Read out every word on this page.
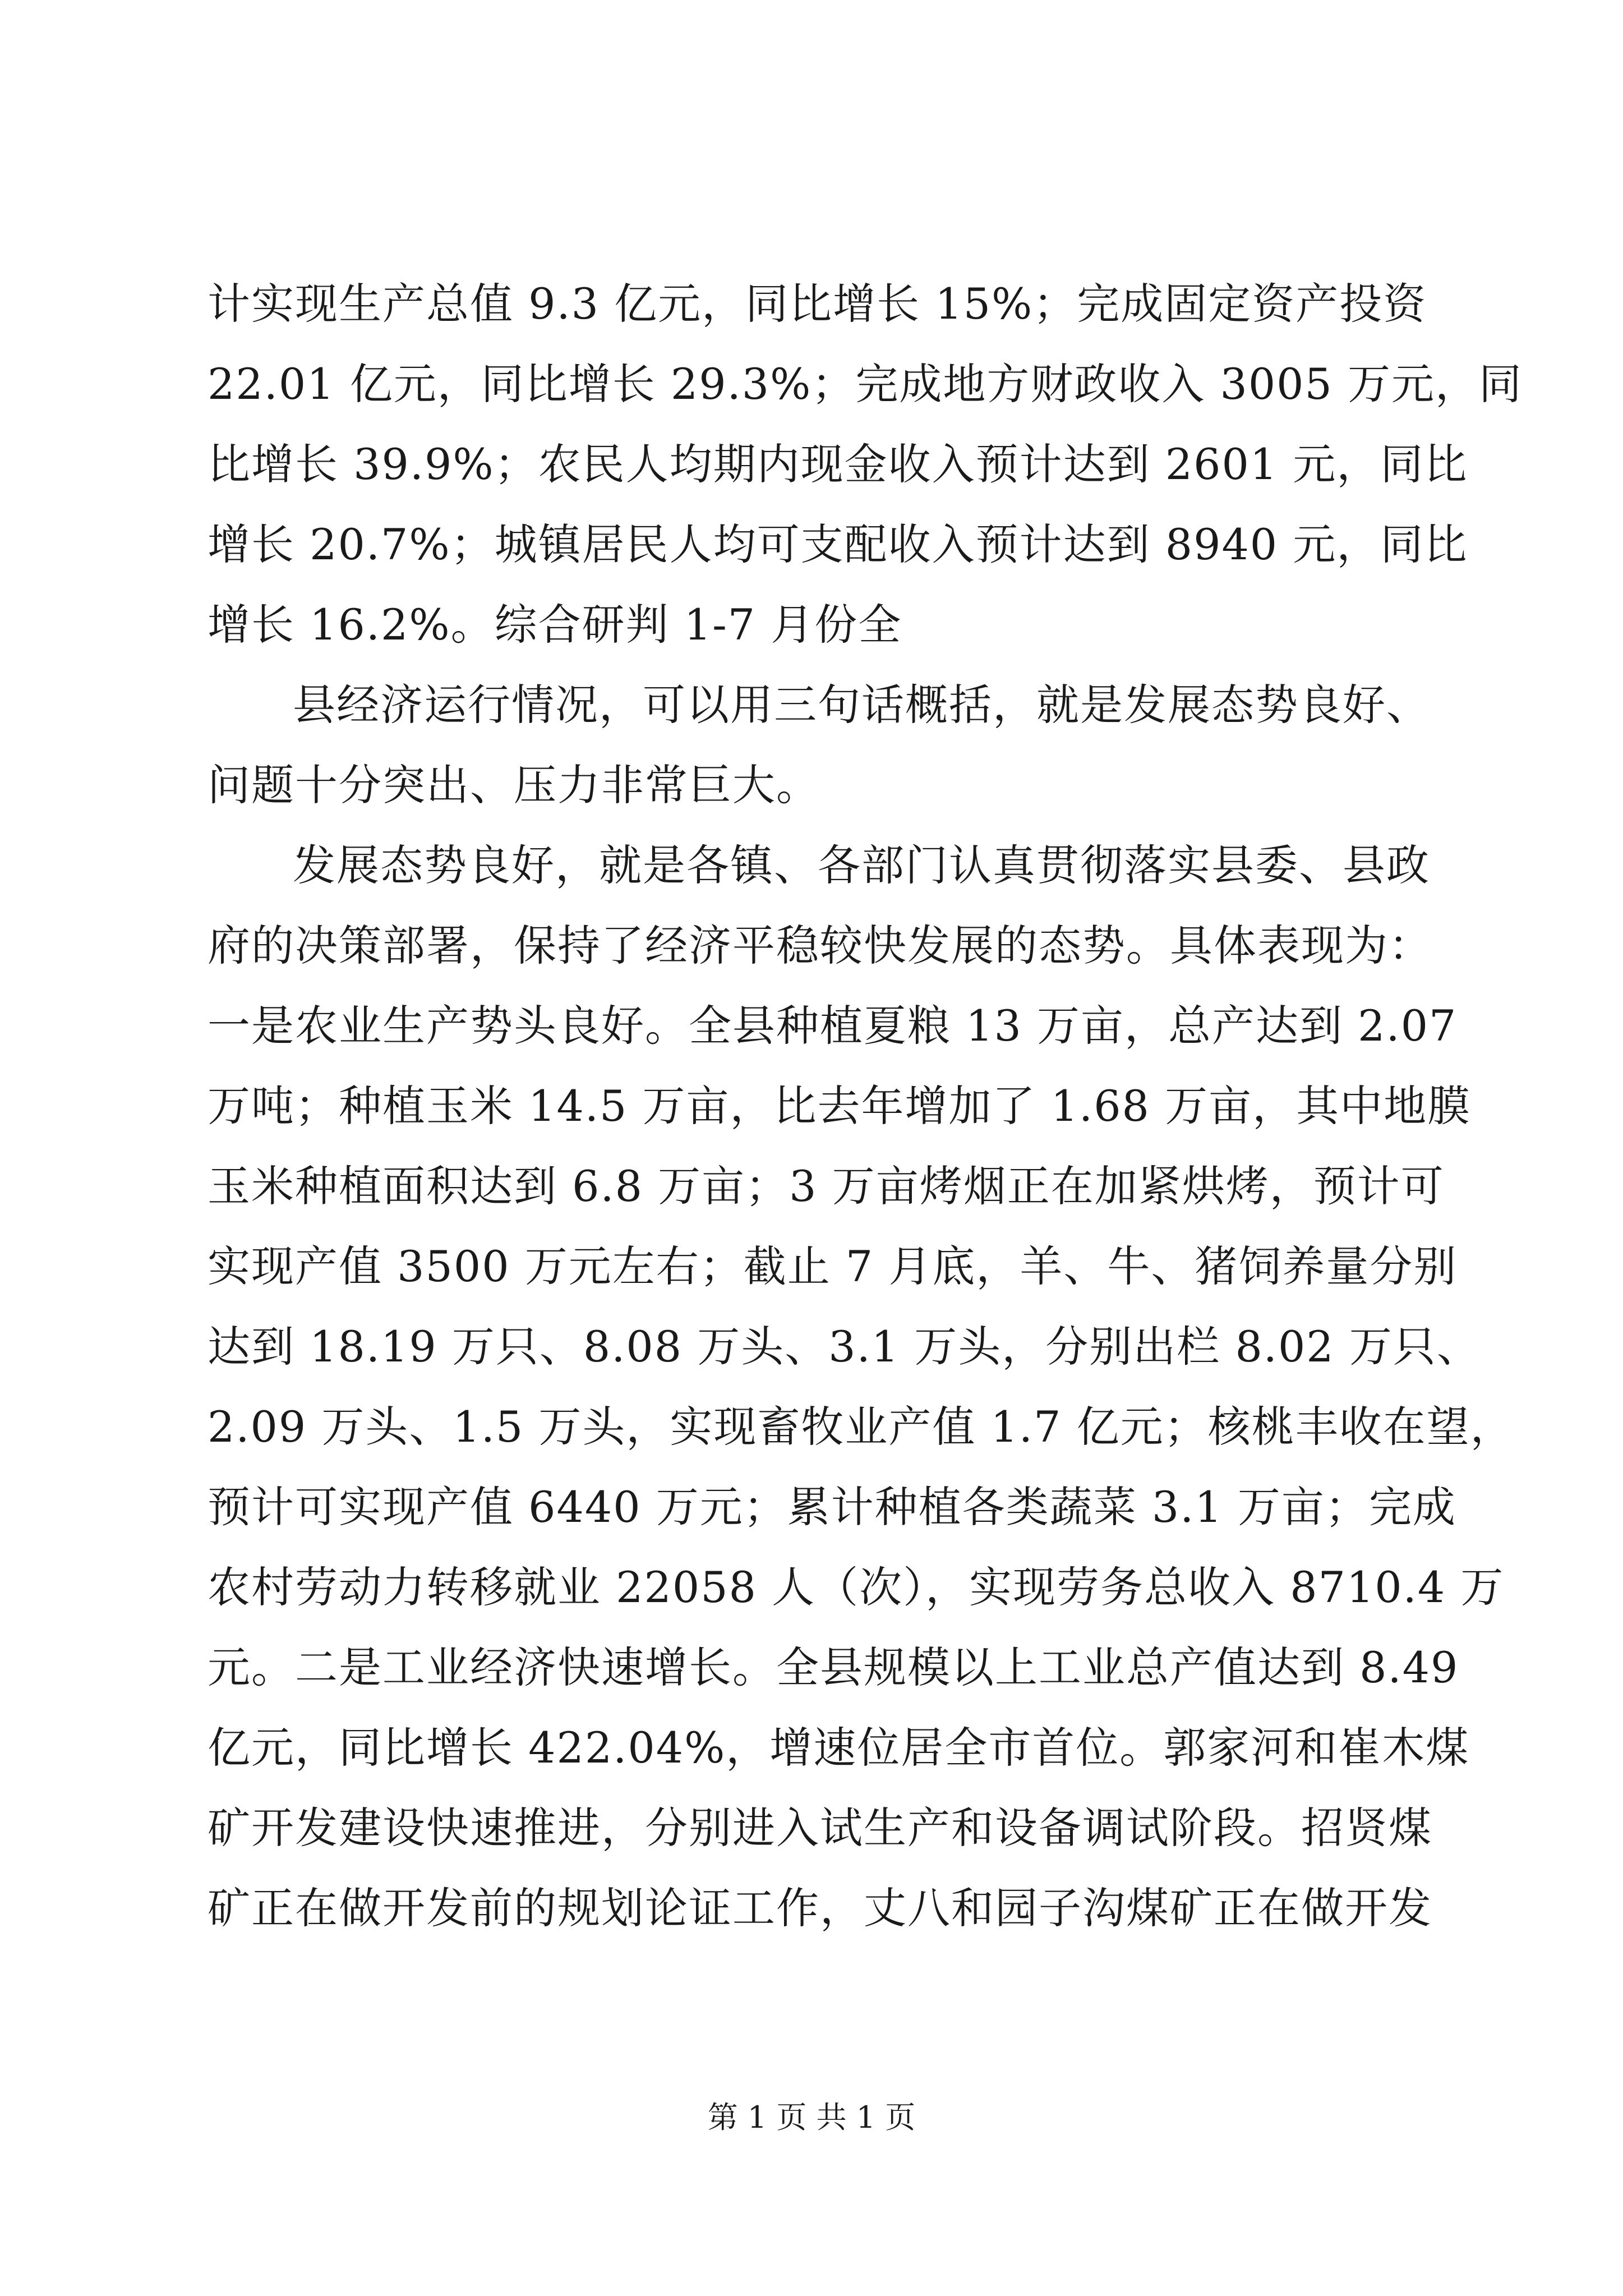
计实现生产总值 9.3 亿元，同比增长 15%；完成固定资产投资
22.01 亿元，同比增长 29.3%；完成地方财政收入 3005 万元，同
比增长 39.9%；农民人均期内现金收入预计达到 2601 元，同比
增长 20.7%；城镇居民人均可支配收入预计达到 8940 元，同比
增长 16.2%。综合研判 1-7 月份全
县经济运行情况，可以用三句话概括，就是发展态势良好、
问题十分突出、压力非常巨大。
发展态势良好，就是各镇、各部门认真贯彻落实县委、县政
府的决策部署，保持了经济平稳较快发展的态势。具体表现为：
一是农业生产势头良好。全县种植夏粮 13 万亩，总产达到 2.07
万吨；种植玉米 14.5 万亩，比去年增加了 1.68 万亩，其中地膜
玉米种植面积达到 6.8 万亩；3 万亩烤烟正在加紧烘烤，预计可
实现产值 3500 万元左右；截止 7 月底，羊、牛、猪饲养量分别
达到 18.19 万只、8.08 万头、3.1 万头，分别出栏 8.02 万只、
2.09 万头、1.5 万头，实现畜牧业产值 1.7 亿元；核桃丰收在望，
预计可实现产值 6440 万元；累计种植各类蔬菜 3.1 万亩；完成
农村劳动力转移就业 22058 人（次），实现劳务总收入 8710.4 万
元。二是工业经济快速增长。全县规模以上工业总产值达到 8.49
亿元，同比增长 422.04%，增速位居全市首位。郭家河和崔木煤
矿开发建设快速推进，分别进入试生产和设备调试阶段。招贤煤
矿正在做开发前的规划论证工作，丈八和园子沟煤矿正在做开发
第 1 页 共 1 页
